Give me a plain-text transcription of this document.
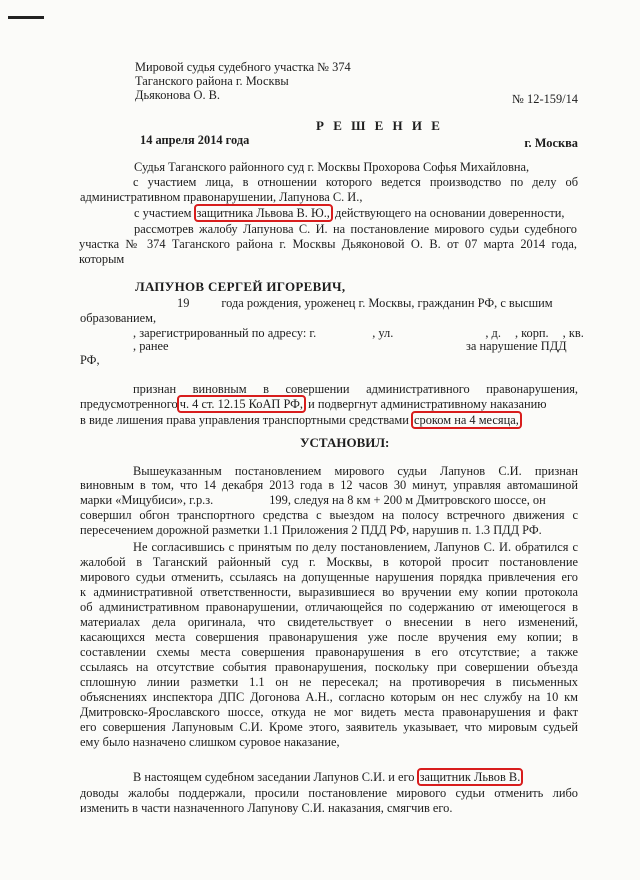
Мировой судья судебного участка № 374
Таганского района г. Москвы
Дьяконова О. В.	№ 12-159/14
Р Е Ш Е Н И Е
14 апреля 2014 года	г. Москва
Судья Таганского районного суд г. Москвы Прохорова Софья Михайловна,
с участием лица, в отношении которого ведется производство по делу об
административном правонарушении, Лапунова С. И.,
с участием защитника Львова В. Ю., действующего на основании доверенности,
рассмотрев жалобу Лапунова С. И. на постановление мирового судьи судебного
участка № 374 Таганского района г. Москвы Дьяконовой О. В. от 07 марта 2014 года,
которым
ЛАПУНОВ СЕРГЕЙ ИГОРЕВИЧ,
19	года рождения, уроженец г. Москвы, гражданин РФ, с высшим
образованием,
, зарегистрированный по адресу: г.	, ул.	, д. , корп. , кв.
, ранее	за нарушение ПДД
РФ,
признан виновным в совершении административного правонарушения,
предусмотренного ч. 4 ст. 12.15 КоАП РФ, и подвергнут административному наказанию
в виде лишения права управления транспортными средствами сроком на 4 месяца,
УСТАНОВИЛ:
Вышеуказанным постановлением мирового судьи Лапунов С.И. признан
виновным в том, что 14 декабря 2013 года в 12 часов 30 минут, управляя автомашиной
марки «Мицубиси», г.р.з.	199, следуя на 8 км + 200 м Дмитровского шоссе, он
совершил обгон транспортного средства с выездом на полосу встречного движения с
пересечением дорожной разметки 1.1 Приложения 2 ПДД РФ, нарушив п. 1.3 ПДД РФ.
Не согласившись с принятым по делу постановлением, Лапунов С. И. обратился с
жалобой в Таганский районный суд г. Москвы, в которой просит постановление
мирового судьи отменить, ссылаясь на допущенные нарушения порядка привлечения его
к административной ответственности, выразившиеся во вручении ему копии протокола
об административном правонарушении, отличающейся по содержанию от имеющегося в
материалах дела оригинала, что свидетельствует о внесении в него изменений,
касающихся места совершения правонарушения уже после вручения ему копии; в
составлении схемы места совершения правонарушения в его отсутствие; а также
ссылаясь на отсутствие события правонарушения, поскольку при совершении объезда
сплошную линии разметки 1.1 он не пересекал; на противоречия в письменных
объяснениях инспектора ДПС Догонова А.Н., согласно которым он нес службу на 10 км
Дмитровско-Ярославского шоссе, откуда не мог видеть места правонарушения и факт
его совершения Лапуновым С.И. Кроме этого, заявитель указывает, что мировым судьей
ему было назначено слишком суровое наказание,
В настоящем судебном заседании Лапунов С.И. и его защитник Львов В.
доводы жалобы поддержали, просили постановление мирового судьи отменить либо
изменить в части назначенного Лапунову С.И. наказания, смягчив его.
